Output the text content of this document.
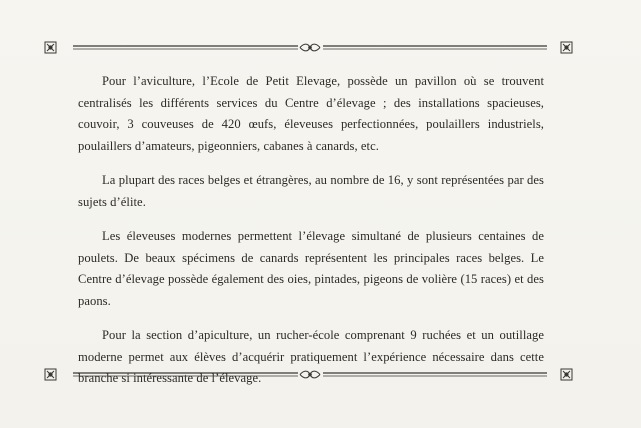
Pour l’aviculture, l’Ecole de Petit Elevage, possède un pavillon où se trouvent centralisés les différents services du Centre d’élevage ; des installations spacieuses, couvoir, 3 couveuses de 420 œufs, éleveuses perfectionnées, poulaillers industriels, poulaillers d’amateurs, pigeonniers, cabanes à canards, etc.

La plupart des races belges et étrangères, au nombre de 16, y sont représentées par des sujets d’élite.

Les éleveuses modernes permettent l’élevage simultané de plusieurs centaines de poulets. De beaux spécimens de canards représentent les principales races belges. Le Centre d’élevage possède également des oies, pintades, pigeons de volière (15 races) et des paons.

Pour la section d’apiculture, un rucher-école comprenant 9 ruchées et un outillage moderne permet aux élèves d’acquérir pratiquement l’expérience nécessaire dans cette branche si intéressante de l’élevage.
